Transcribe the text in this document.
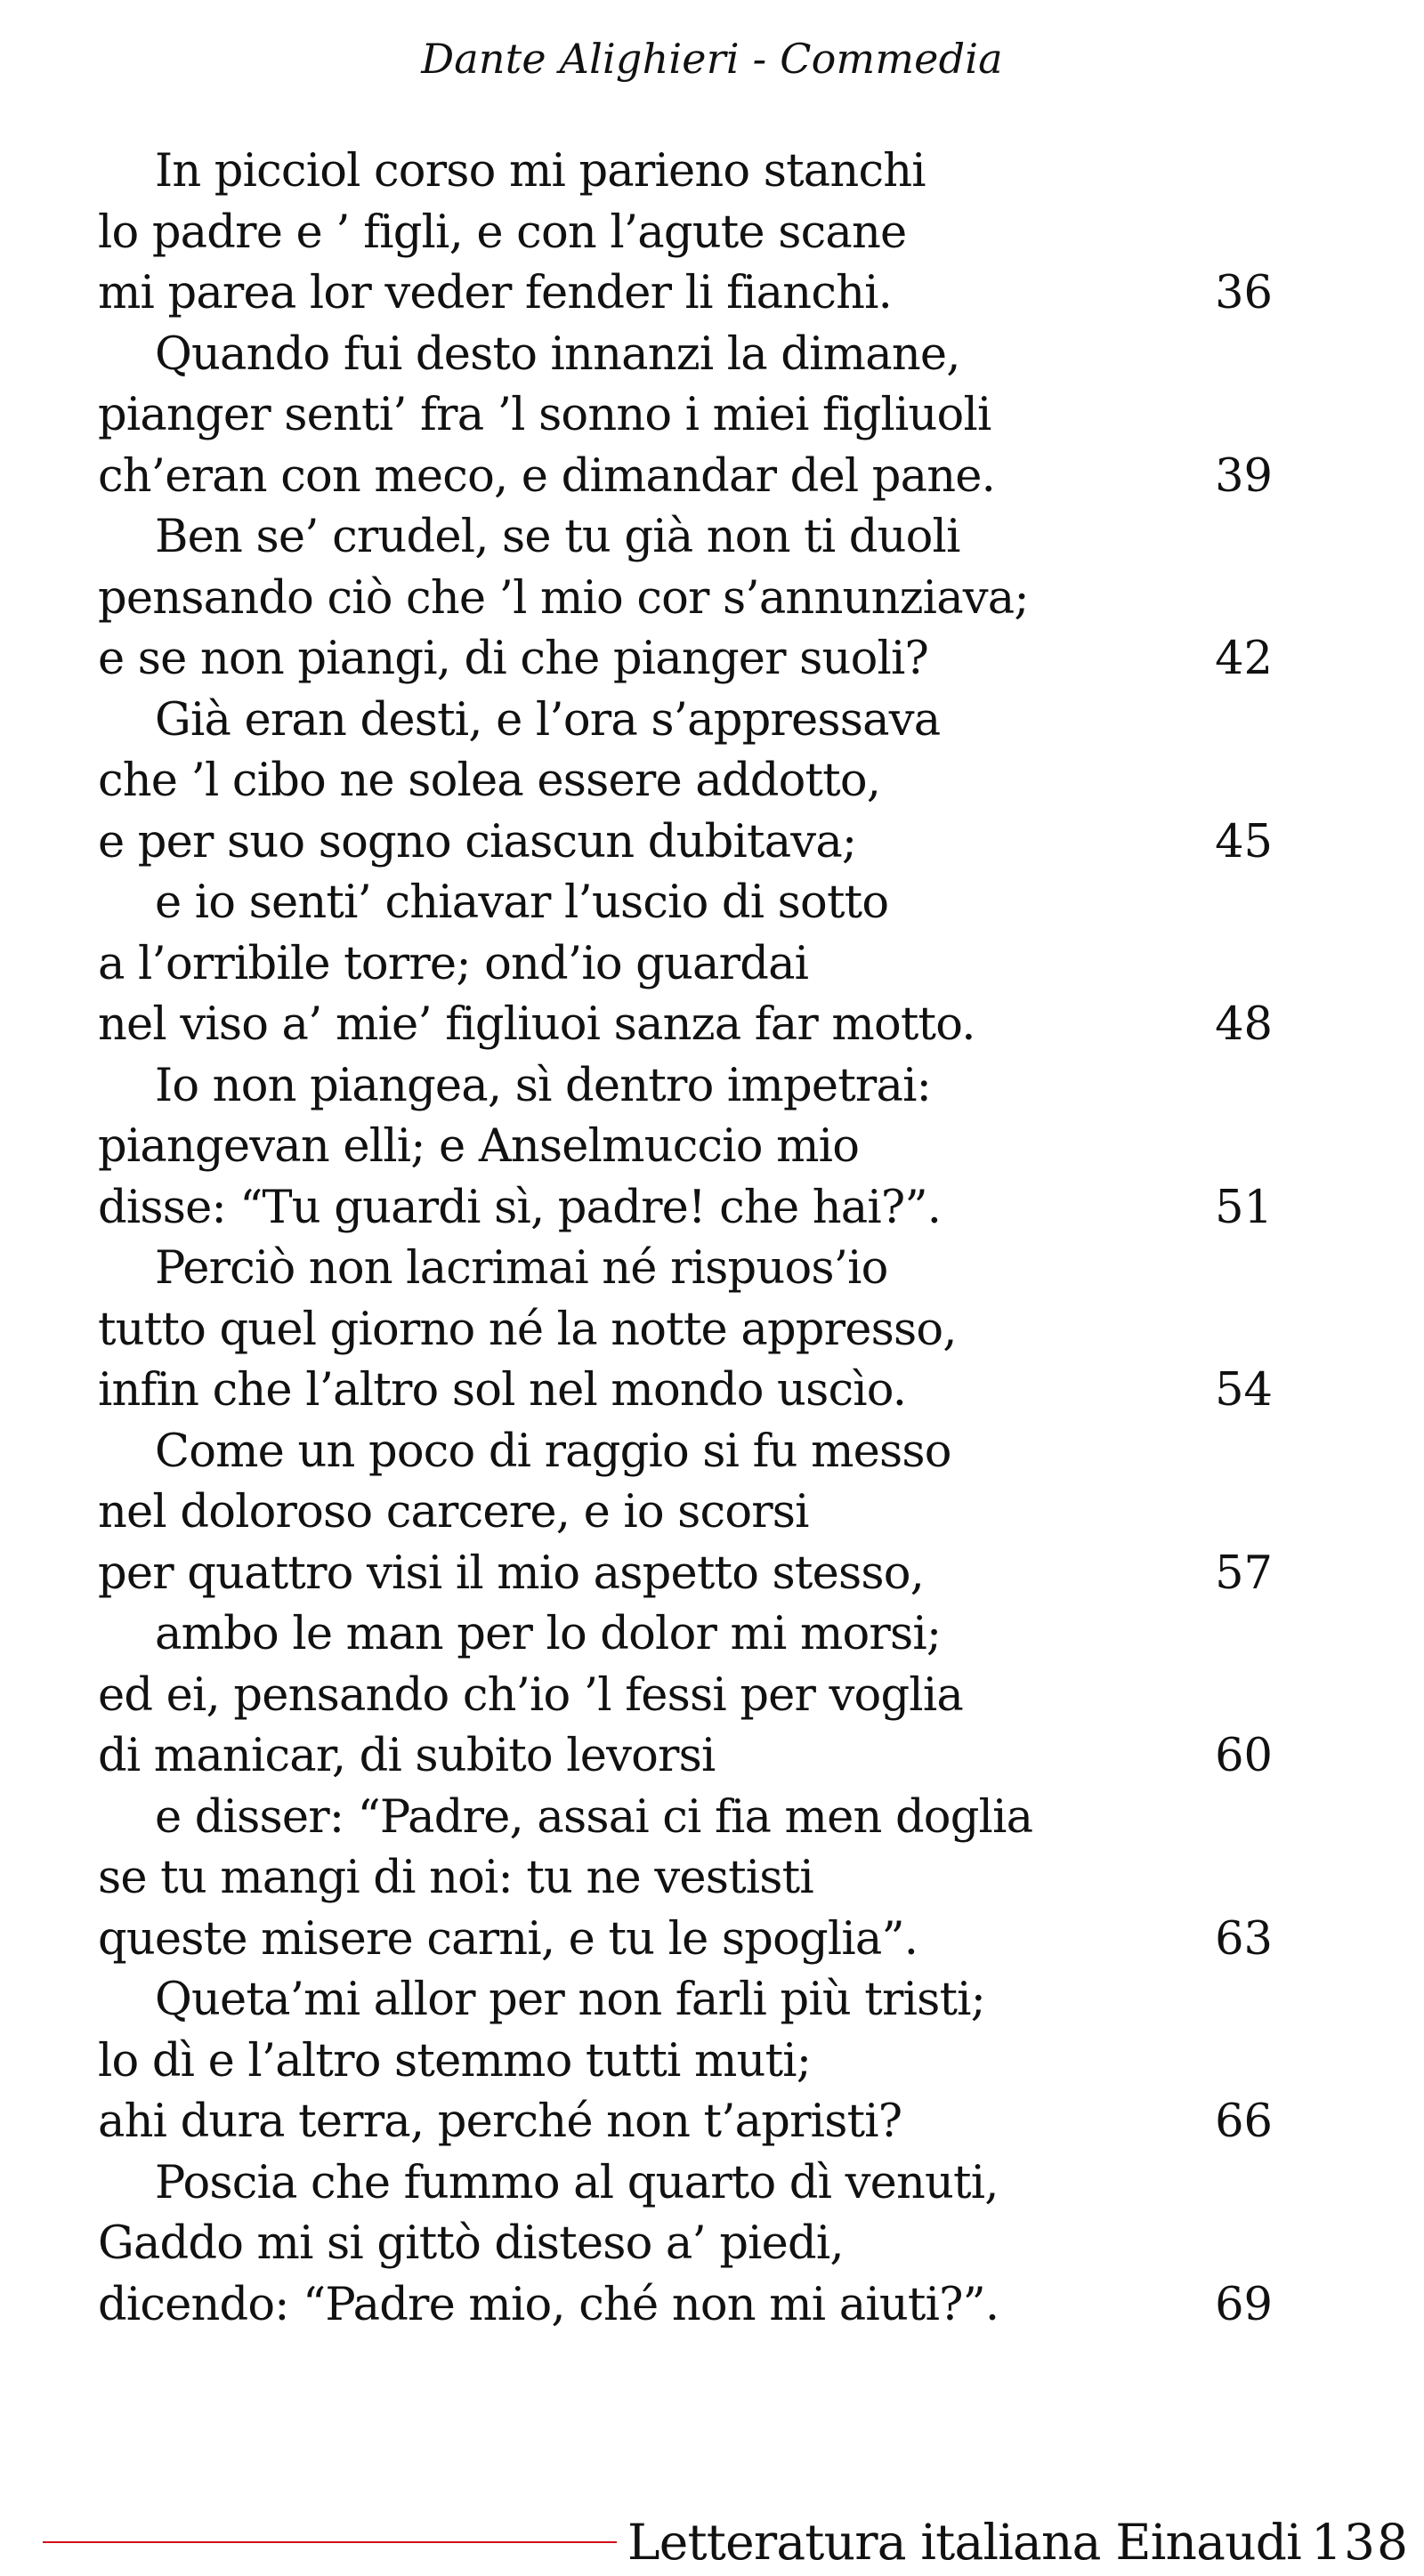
Dante Alighieri - Commedia
In picciol corso mi parieno stanchi
lo padre e ’ figli, e con l’agute scane
mi parea lor veder fender li fianchi.	36
Quando fui desto innanzi la dimane,
pianger senti’ fra ’l sonno i miei figliuoli
ch’eran con meco, e dimandar del pane.	39
Ben se’ crudel, se tu già non ti duoli
pensando ciò che ’l mio cor s’annunziava;
e se non piangi, di che pianger suoli?	42
Già eran desti, e l’ora s’appressava
che ’l cibo ne solea essere addotto,
e per suo sogno ciascun dubitava;	45
e io senti’ chiavar l’uscio di sotto
a l’orribile torre; ond’io guardai
nel viso a’ mie’ figliuoi sanza far motto.	48
Io non piangea, sì dentro impetrai:
piangevan elli; e Anselmuccio mio
disse: “Tu guardi sì, padre! che hai?”.	51
Perciò non lacrimai né rispuos’io
tutto quel giorno né la notte appresso,
infin che l’altro sol nel mondo uscìo.	54
Come un poco di raggio si fu messo
nel doloroso carcere, e io scorsi
per quattro visi il mio aspetto stesso,	57
ambo le man per lo dolor mi morsi;
ed ei, pensando ch’io ’l fessi per voglia
di manicar, di subito levorsi	60
e disser: “Padre, assai ci fia men doglia
se tu mangi di noi: tu ne vestisti
queste misere carni, e tu le spoglia”.	63
Queta’mi allor per non farli più tristi;
lo dì e l’altro stemmo tutti muti;
ahi dura terra, perché non t’apristi?	66
Poscia che fummo al quarto dì venuti,
Gaddo mi si gittò disteso a’ piedi,
dicendo: “Padre mio, ché non mi aiuti?”.	69
Letteratura italiana Einaudi 138
